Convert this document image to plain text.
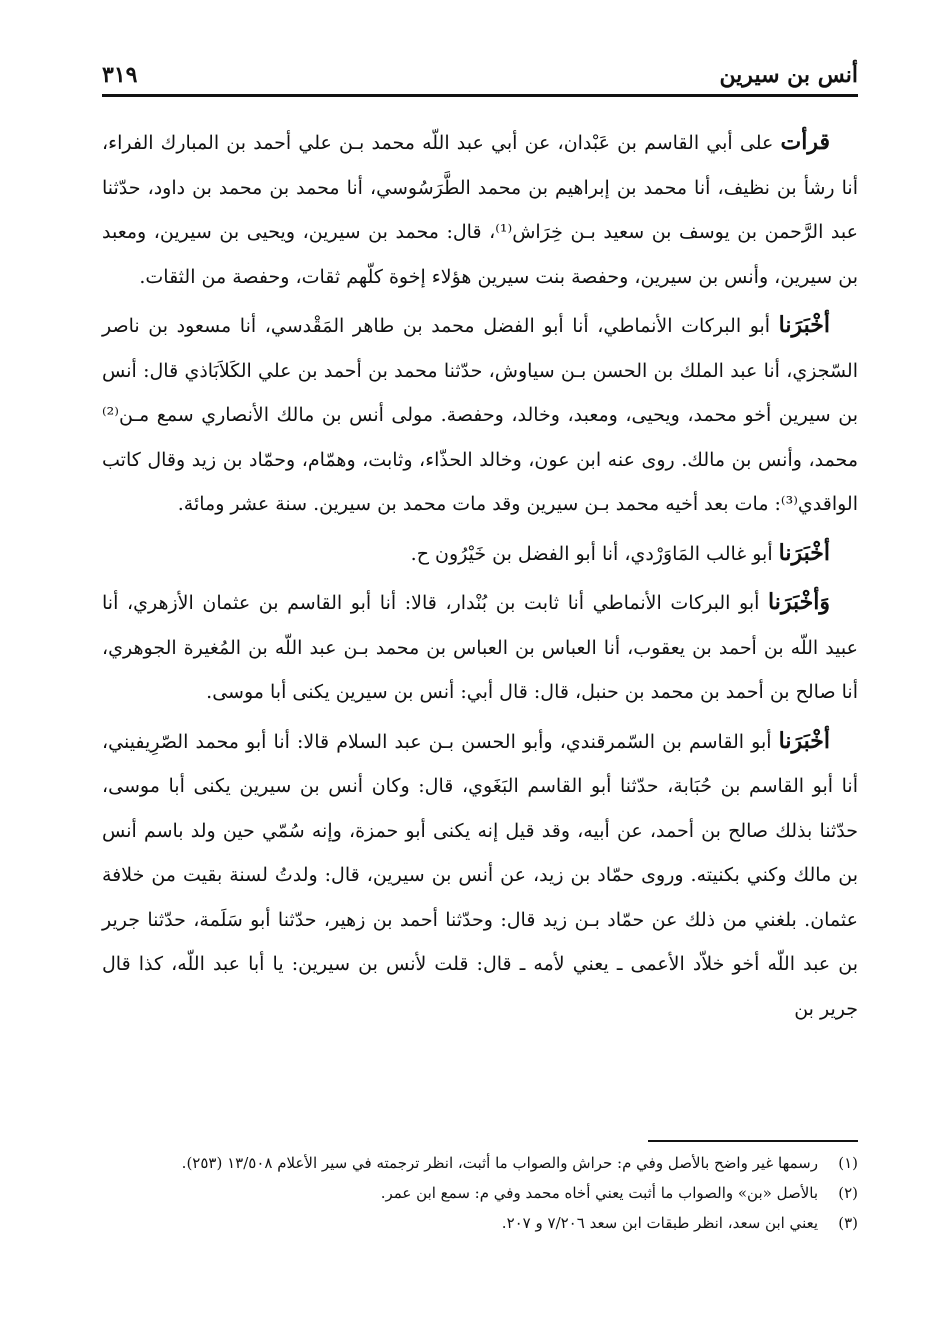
أنس بن سيرين
٣١٩

قرأت على أبي القاسم بن عَبْدان، عن أبي عبد اللّه محمد بـن علي أحمد بن المبارك الفراء، أنا رشأ بن نظيف، أنا محمد بن إبراهيم بن محمد الطَّرَسُوسي، أنا محمد بن محمد بن داود، حدّثنا عبد الرَّحمن بن يوسف بن سعيد بـن خِرَاش⁽¹⁾، قال: محمد بن سيرين، ويحيى بن سيرين، ومعبد بن سيرين، وأنس بن سيرين، وحفصة بنت سيرين هؤلاء إخوة كلّهم ثقات، وحفصة من الثقات.

أخْبَرَنا أبو البركات الأنماطي، أنا أبو الفضل محمد بن طاهر المَقْدسي، أنا مسعود بن ناصر السّجزي، أنا عبد الملك بن الحسن بـن سياوش، حدّثنا محمد بن أحمد بن علي الكَلاَبَاذي قال: أنس بن سيرين أخو محمد، ويحيى، ومعبد، وخالد، وحفصة. مولى أنس بن مالك الأنصاري سمع مـن⁽²⁾ محمد، وأنس بن مالك. روى عنه ابن عون، وخالد الحذّاء، وثابت، وهمّام، وحمّاد بن زيد وقال كاتب الواقدي⁽³⁾: مات بعد أخيه محمد بـن سيرين وقد مات محمد بن سيرين. سنة عشر ومائة.

أخْبَرَنا أبو غالب المَاوَرْدي، أنا أبو الفضل بن خَيْرُون ح.

وَأخْبَرَنا أبو البركات الأنماطي أنا ثابت بن بُنْدار، قالا: أنا أبو القاسم بن عثمان الأزهري، أنا عبيد اللّه بن أحمد بن يعقوب، أنا العباس بن العباس بن محمد بـن عبد اللّه بن المُغيرة الجوهري، أنا صالح بن أحمد بن محمد بن حنبل، قال: قال أبي: أنس بن سيرين يكنى أبا موسى.

أخْبَرَنا أبو القاسم بن السّمرقندي، وأبو الحسن بـن عبد السلام قالا: أنا أبو محمد الصّرِيفيني، أنا أبو القاسم بن حُبَابة، حدّثنا أبو القاسم البَغَوي، قال: وكان أنس بن سيرين يكنى أبا موسى، حدّثنا بذلك صالح بن أحمد، عن أبيه، وقد قيل إنه يكنى أبو حمزة، وإنه سُمّي حين ولد باسم أنس بن مالك وكني بكنيته. وروى حمّاد بن زيد، عن أنس بن سيرين، قال: ولدتُ لسنة بقيت من خلافة عثمان. بلغني من ذلك عن حمّاد بـن زيد قال: وحدّثنا أحمد بن زهير، حدّثنا أبو سَلَمة، حدّثنا جرير بن عبد اللّه أخو خلاّد الأعمى ـ يعني لأمه ـ قال: قلت لأنس بن سيرين: يا أبا عبد اللّه، كذا قال جرير بن

(١)
رسمها غير واضح بالأصل وفي م: حراش والصواب ما أثبت، انظر ترجمته في سير الأعلام ١٣/٥٠٨ (٢٥٣).
(٢)
بالأصل «بن» والصواب ما أثبت يعني أخاه محمد وفي م: سمع ابن عمر.
(٣)
يعني ابن سعد، انظر طبقات ابن سعد ٧/٢٠٦ و ٢٠٧.
